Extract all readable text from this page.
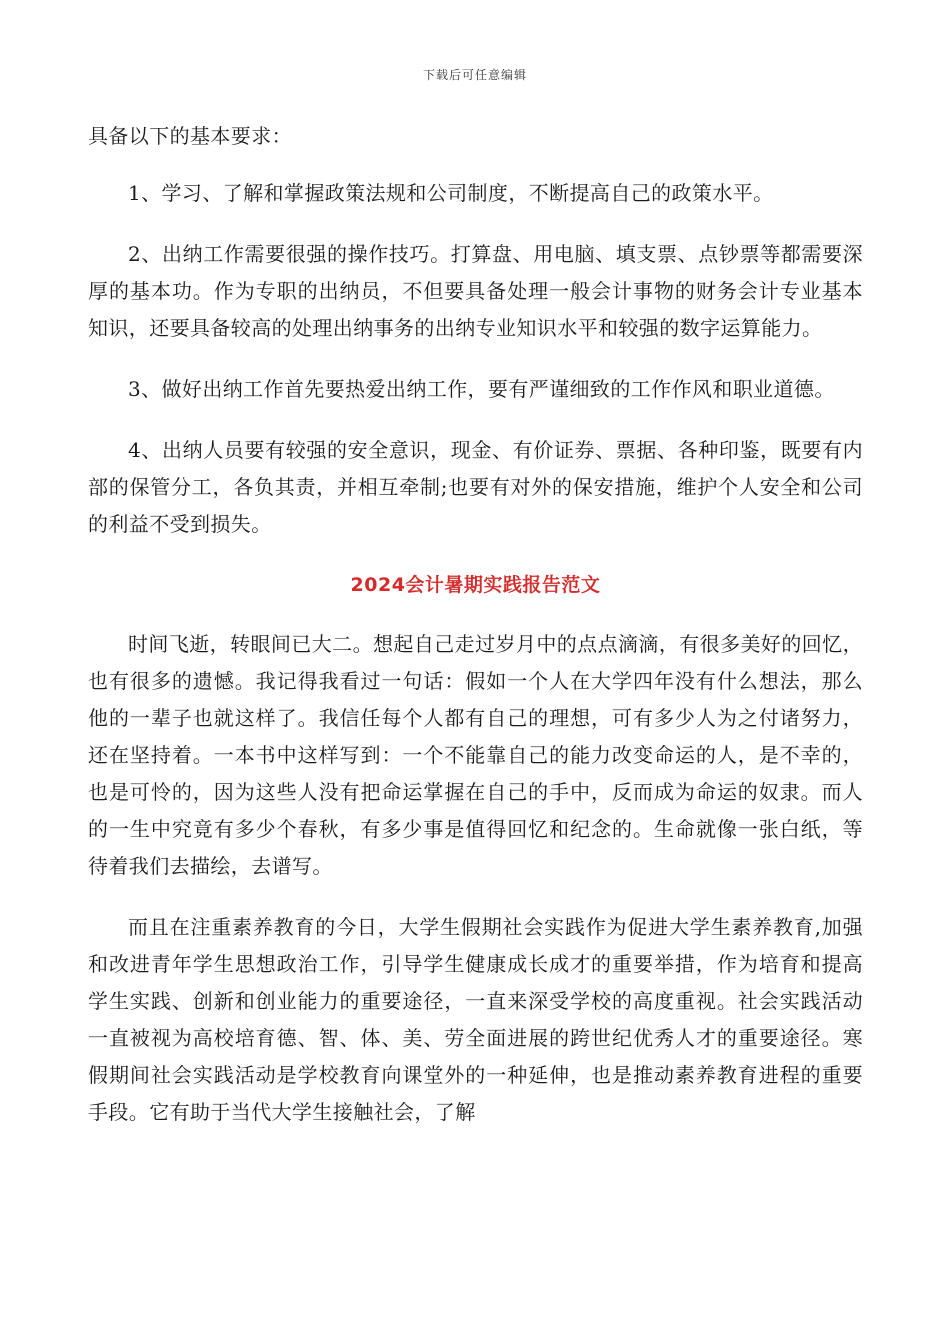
下载后可任意编辑

具备以下的基本要求：

1、学习、了解和掌握政策法规和公司制度，不断提高自己的政策水平。

2、出纳工作需要很强的操作技巧。打算盘、用电脑、填支票、点钞票等都需要深厚的基本功。作为专职的出纳员，不但要具备处理一般会计事物的财务会计专业基本知识，还要具备较高的处理出纳事务的出纳专业知识水平和较强的数字运算能力。

3、做好出纳工作首先要热爱出纳工作，要有严谨细致的工作作风和职业道德。

4、出纳人员要有较强的安全意识，现金、有价证券、票据、各种印鉴，既要有内部的保管分工，各负其责，并相互牵制;也要有对外的保安措施，维护个人安全和公司的利益不受到损失。

2024会计暑期实践报告范文

时间飞逝，转眼间已大二。想起自己走过岁月中的点点滴滴，有很多美好的回忆，也有很多的遗憾。我记得我看过一句话：假如一个人在大学四年没有什么想法，那么他的一辈子也就这样了。我信任每个人都有自己的理想，可有多少人为之付诸努力，还在坚持着。一本书中这样写到：一个不能靠自己的能力改变命运的人，是不幸的，也是可怜的，因为这些人没有把命运掌握在自己的手中，反而成为命运的奴隶。而人的一生中究竟有多少个春秋，有多少事是值得回忆和纪念的。生命就像一张白纸，等待着我们去描绘，去谱写。

而且在注重素养教育的今日，大学生假期社会实践作为促进大学生素养教育,加强和改进青年学生思想政治工作，引导学生健康成长成才的重要举措，作为培育和提高学生实践、创新和创业能力的重要途径，一直来深受学校的高度重视。社会实践活动一直被视为高校培育德、智、体、美、劳全面进展的跨世纪优秀人才的重要途径。寒假期间社会实践活动是学校教育向课堂外的一种延伸，也是推动素养教育进程的重要手段。它有助于当代大学生接触社会，了解
